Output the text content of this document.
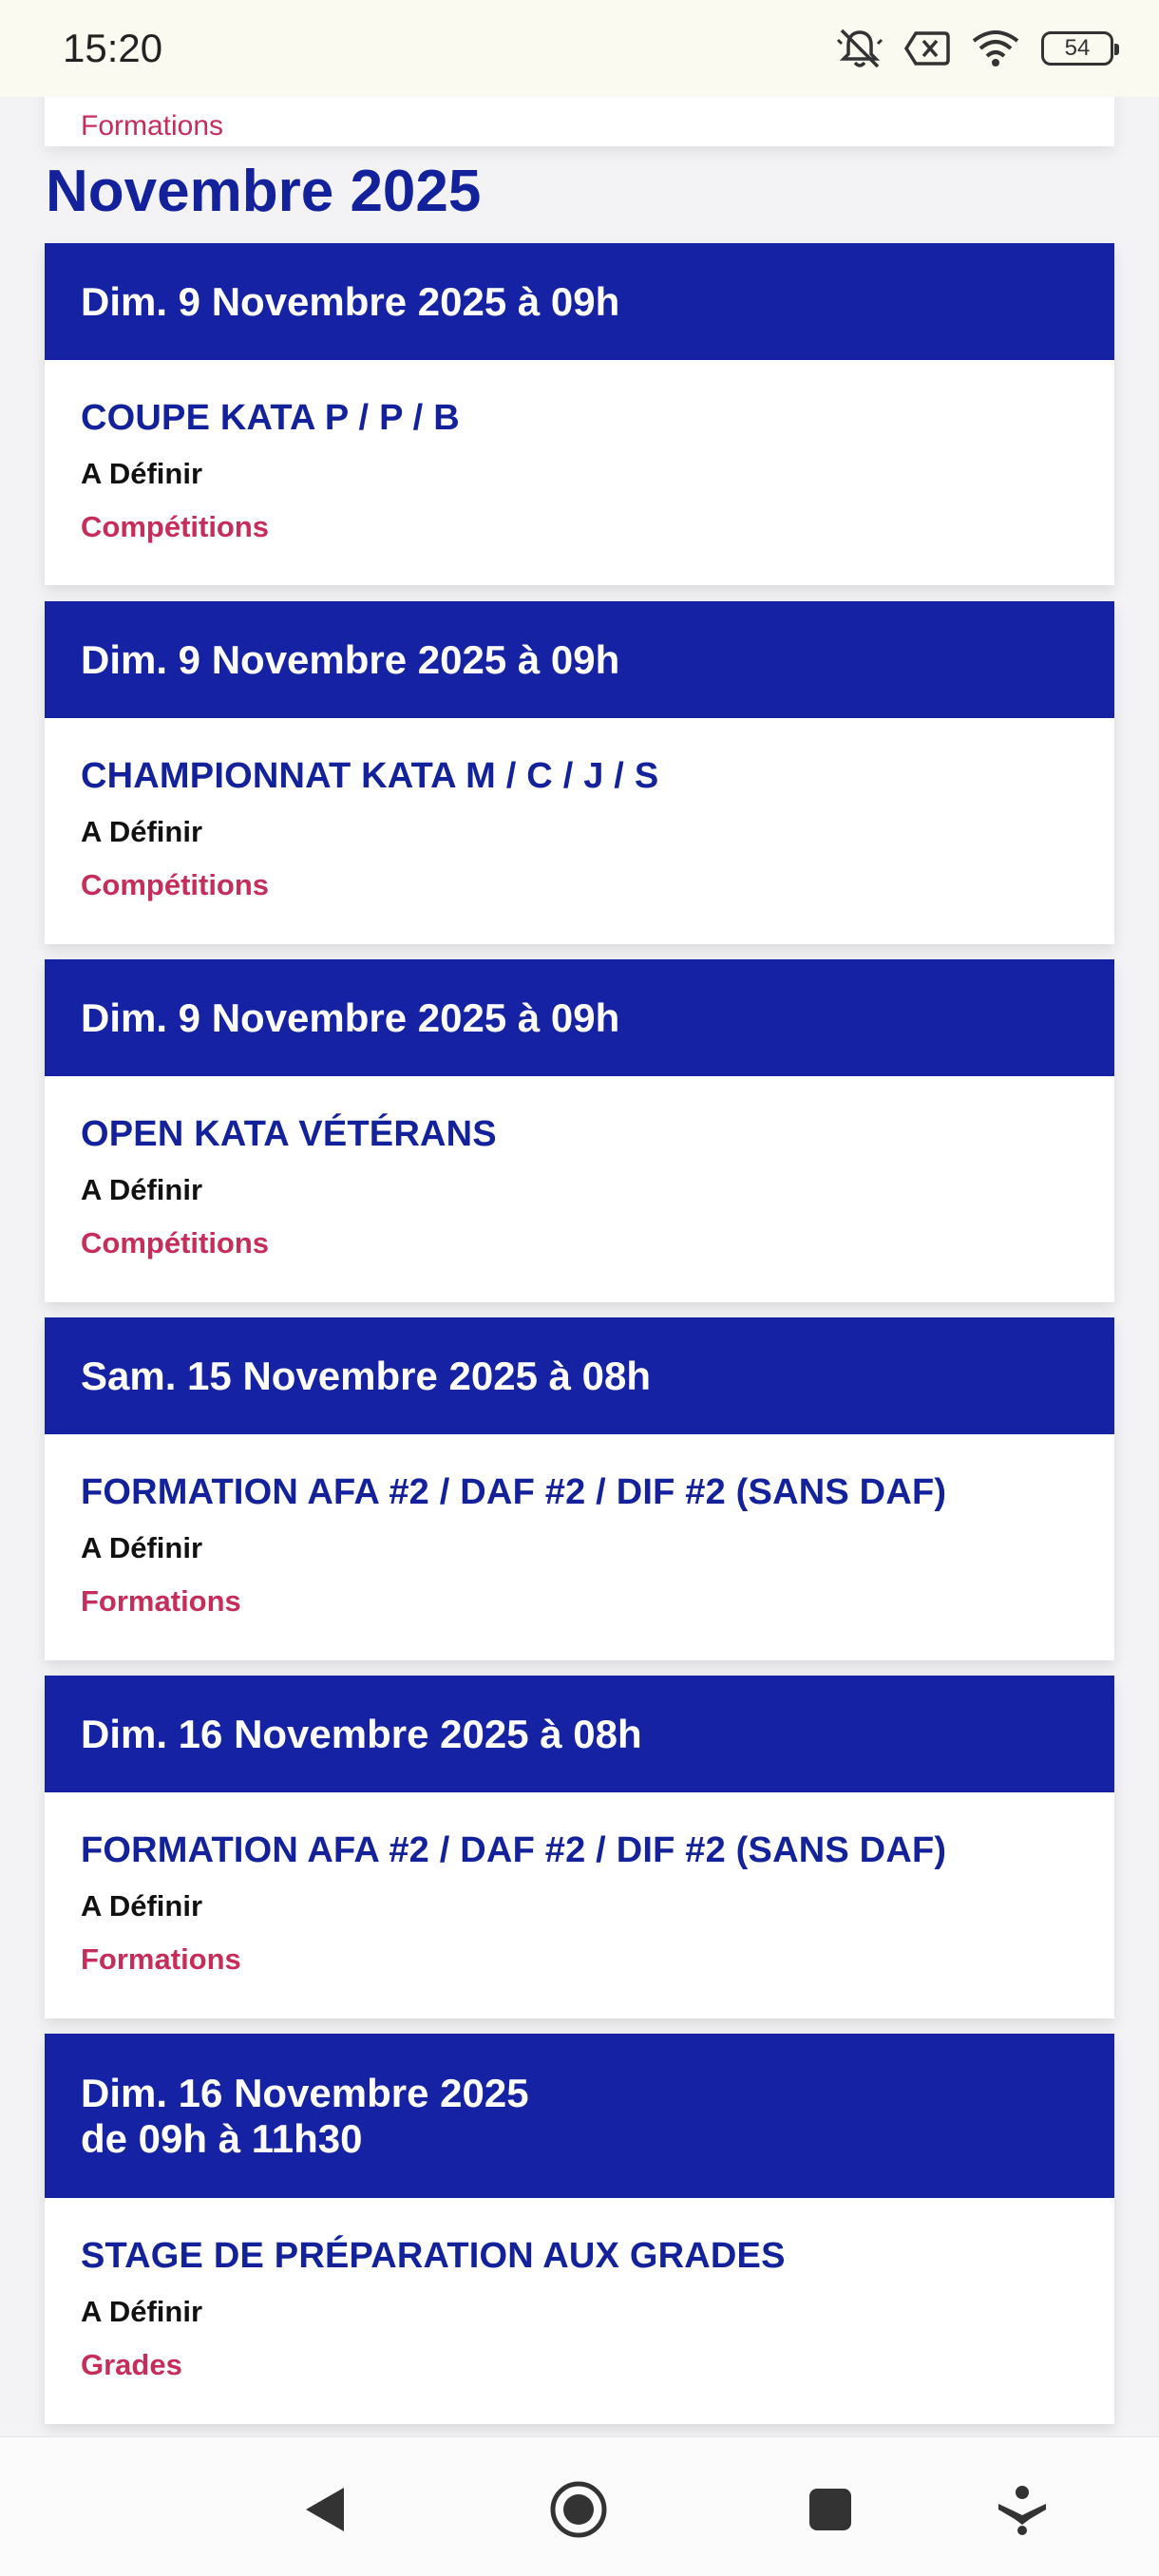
Formations
Novembre 2025
Dim. 9 Novembre 2025 à 09h
COUPE KATA P / P / B
A Définir
Compétitions
Dim. 9 Novembre 2025 à 09h
CHAMPIONNAT KATA M / C / J / S
A Définir
Compétitions
Dim. 9 Novembre 2025 à 09h
OPEN KATA VÉTÉRANS
A Définir
Compétitions
Sam. 15 Novembre 2025 à 08h
FORMATION AFA #2 / DAF #2 / DIF #2 (SANS DAF)
A Définir
Formations
Dim. 16 Novembre 2025 à 08h
FORMATION AFA #2 / DAF #2 / DIF #2 (SANS DAF)
A Définir
Formations
Dim. 16 Novembre 2025
de 09h à 11h30
STAGE DE PRÉPARATION AUX GRADES
A Définir
Grades
15:20	54
